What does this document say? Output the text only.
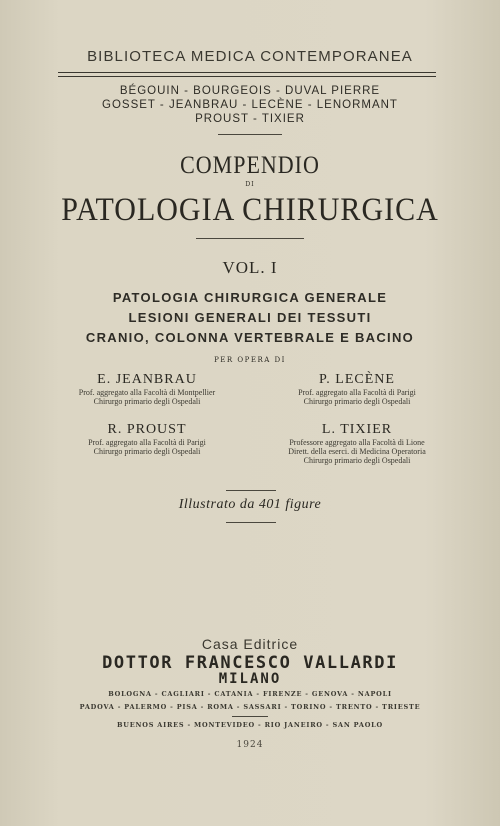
BIBLIOTECA MEDICA CONTEMPORANEA
BÉGOUIN - BOURGEOIS - DUVAL PIERRE
GOSSET - JEANBRAU - LECÈNE - LENORMANT
PROUST - TIXIER
COMPENDIO
DI
PATOLOGIA CHIRURGICA
VOL. I
PATOLOGIA CHIRURGICA GENERALE
LESIONI GENERALI DEI TESSUTI
CRANIO, COLONNA VERTEBRALE E BACINO
PER OPERA DI
E. JEANBRAU
Prof. aggregato alla Facoltà di Montpellier
Chirurgo primario degli Ospedali
P. LECÈNE
Prof. aggregato alla Facoltà di Parigi
Chirurgo primario degli Ospedali
R. PROUST
Prof. aggregato alla Facoltà di Parigi
Chirurgo primario degli Ospedali
L. TIXIER
Professore aggregato alla Facoltà di Lione
Dirett. della eserci. di Medicina Operatoria
Chirurgo primario degli Ospedali
Illustrato da 401 figure
Casa Editrice
DOTTOR FRANCESCO VALLARDI
MILANO
BOLOGNA - CAGLIARI - CATANIA - FIRENZE - GENOVA - NAPOLI
PADOVA - PALERMO - PISA - ROMA - SASSARI - TORINO - TRENTO - TRIESTE
BUENOS AIRES - MONTEVIDEO - RIO JANEIRO - SAN PAOLO
1924
